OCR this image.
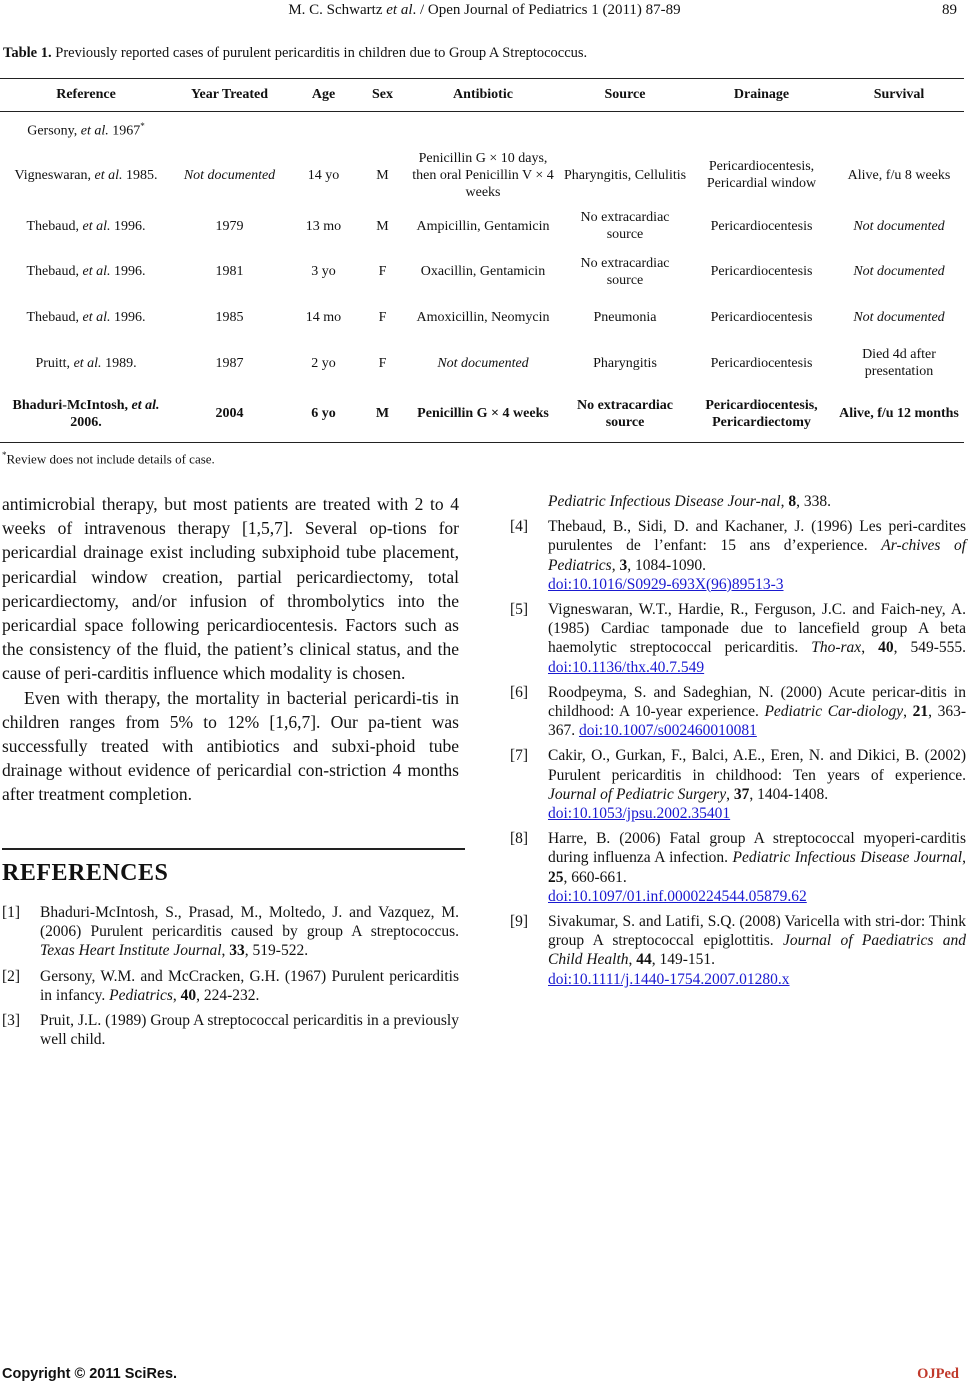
M. C. Schwartz et al. / Open Journal of Pediatrics 1 (2011) 87-89	89
Table 1. Previously reported cases of purulent pericarditis in children due to Group A Streptococcus.
Reference	Year Treated	Age	Sex	Antibiotic	Source	Drainage	Survival
Gersony, et al. 1967*							
Vigneswaran, et al. 1985.	Not documented	14 yo	M	Penicillin G × 10 days, then oral Penicillin V × 4 weeks	Pharyngitis, Cellulitis	Pericardiocentesis, Pericardial window	Alive, f/u 8 weeks
Thebaud, et al. 1996.	1979	13 mo	M	Ampicillin, Gentamicin	No extracardiac source	Pericardiocentesis	Not documented
Thebaud, et al. 1996.	1981	3 yo	F	Oxacillin, Gentamicin	No extracardiac source	Pericardiocentesis	Not documented
Thebaud, et al. 1996.	1985	14 mo	F	Amoxicillin, Neomycin	Pneumonia	Pericardiocentesis	Not documented
Pruitt, et al. 1989.	1987	2 yo	F	Not documented	Pharyngitis	Pericardiocentesis	Died 4d after presentation
Bhaduri-McIntosh, et al. 2006.	2004	6 yo	M	Penicillin G × 4 weeks	No extracardiac source	Pericardiocentesis, Pericardiectomy	Alive, f/u 12 months
*Review does not include details of case.

antimicrobial therapy, but most patients are treated with 2 to 4 weeks of intravenous therapy [1,5,7]. Several op-tions for pericardial drainage exist including subxiphoid tube placement, pericardial window creation, partial pericardiectomy, total pericardiectomy, and/or infusion of thrombolytics into the pericardial space following pericardiocentesis. Factors such as the consistency of the fluid, the patient’s clinical status, and the cause of peri-carditis influence which modality is chosen.

Even with therapy, the mortality in bacterial pericardi-tis in children ranges from 5% to 12% [1,6,7]. Our pa-tient was successfully treated with antibiotics and subxi-phoid tube drainage without evidence of pericardial con-striction 4 months after treatment completion.

REFERENCES
[1] Bhaduri-McIntosh, S., Prasad, M., Moltedo, J. and Vazquez, M. (2006) Purulent pericarditis caused by group A streptococcus. Texas Heart Institute Journal, 33, 519-522.
[2] Gersony, W.M. and McCracken, G.H. (1967) Purulent pericarditis in infancy. Pediatrics, 40, 224-232.
[3] Pruit, J.L. (1989) Group A streptococcal pericarditis in a previously well child.
Pediatric Infectious Disease Jour-nal, 8, 338.
[4] Thebaud, B., Sidi, D. and Kachaner, J. (1996) Les peri-cardites purulentes de l’enfant: 15 ans d’experience. Ar-chives of Pediatrics, 3, 1084-1090.
doi:10.1016/S0929-693X(96)89513-3
[5] Vigneswaran, W.T., Hardie, R., Ferguson, J.C. and Faich-ney, A. (1985) Cardiac tamponade due to lancefield group A beta haemolytic streptococcal pericarditis. Tho-rax, 40, 549-555. doi:10.1136/thx.40.7.549
[6] Roodpeyma, S. and Sadeghian, N. (2000) Acute pericar-ditis in childhood: A 10-year experience. Pediatric Car-diology, 21, 363-367. doi:10.1007/s002460010081
[7] Cakir, O., Gurkan, F., Balci, A.E., Eren, N. and Dikici, B. (2002) Purulent pericarditis in childhood: Ten years of experience. Journal of Pediatric Surgery, 37, 1404-1408.
doi:10.1053/jpsu.2002.35401
[8] Harre, B. (2006) Fatal group A streptococcal myoperi-carditis during influenza A infection. Pediatric Infectious Disease Journal, 25, 660-661.
doi:10.1097/01.inf.0000224544.05879.62
[9] Sivakumar, S. and Latifi, S.Q. (2008) Varicella with stri-dor: Think group A streptococcal epiglottitis. Journal of Paediatrics and Child Health, 44, 149-151.
doi:10.1111/j.1440-1754.2007.01280.x
Copyright © 2011 SciRes.	OJPed
